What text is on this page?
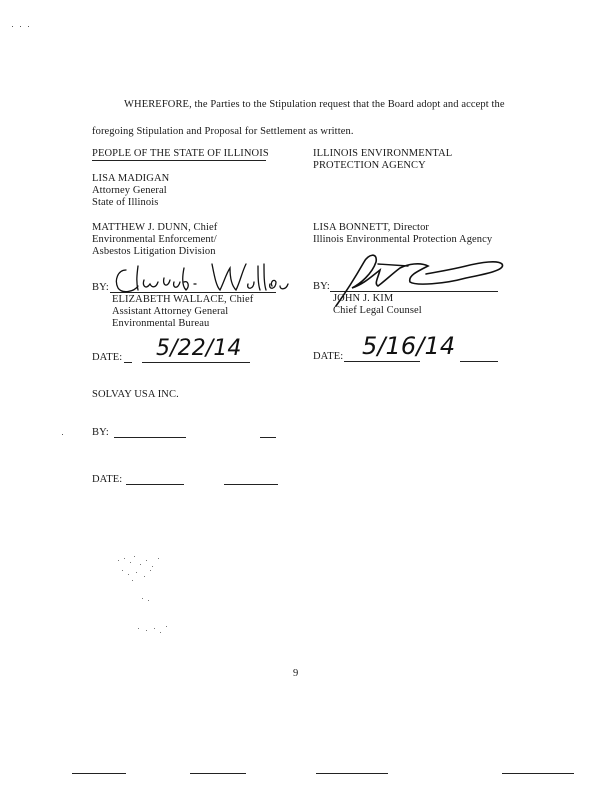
WHEREFORE, the Parties to the Stipulation request that the Board adopt and accept the
foregoing Stipulation and Proposal for Settlement as written.
PEOPLE OF THE STATE OF ILLINOIS
LISA MADIGAN
Attorney General
State of Illinois
MATTHEW J. DUNN, Chief
Environmental Enforcement/
Asbestos Litigation Division
BY:
ELIZABETH WALLACE, Chief
Assistant Attorney General
Environmental Bureau
DATE: 5/22/14
ILLINOIS ENVIRONMENTAL
PROTECTION AGENCY
LISA BONNETT, Director
Illinois Environmental Protection Agency
BY:
JOHN J. KIM
Chief Legal Counsel
DATE: 5/16/14
SOLVAY USA INC.
BY:
DATE:
9
